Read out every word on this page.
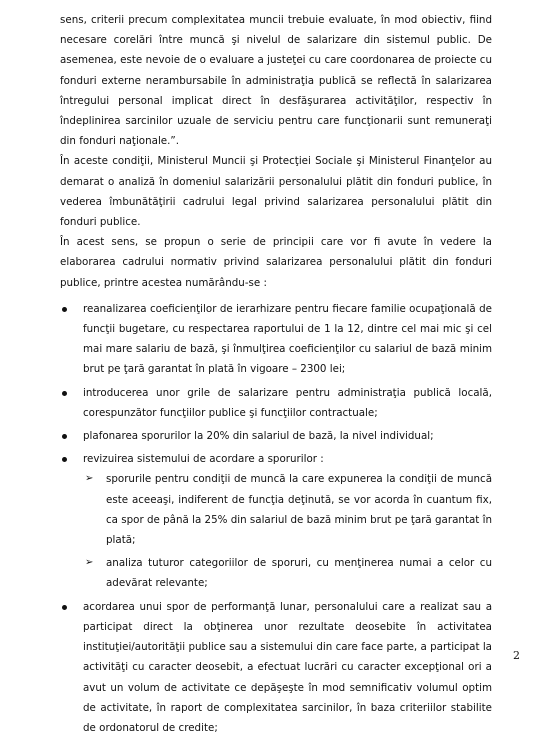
sens, criterii precum complexitatea muncii trebuie evaluate, în mod obiectiv, fiind necesare corelări între muncă şi nivelul de salarizare din sistemul public. De asemenea, este nevoie de o evaluare a justeţei cu care coordonarea de proiecte cu fonduri externe nerambursabile în administraţia publică se reflectă în salarizarea întregului personal implicat direct în desfăşurarea activităţilor, respectiv în îndeplinirea sarcinilor uzuale de serviciu pentru care funcţionarii sunt remuneraţi din fonduri naţionale.”.

În aceste condiţii, Ministerul Muncii şi Protecţiei Sociale şi Ministerul Finanţelor au demarat o analiză în domeniul salarizării personalului plătit din fonduri publice, în vederea îmbunătăţirii cadrului legal privind salarizarea personalului plătit din fonduri publice.

În acest sens, se propun o serie de principii care vor fi avute în vedere la elaborarea cadrului normativ privind salarizarea personalului plătit din fonduri publice, printre acestea numărându-se :

reanalizarea coeficienţilor de ierarhizare pentru fiecare familie ocupaţională de funcţii bugetare, cu respectarea raportului de 1 la 12, dintre cel mai mic şi cel mai mare salariu de bază, şi înmulţirea coeficienţilor cu salariul de bază minim brut pe ţară garantat în plată în vigoare – 2300 lei;
introducerea unor grile de salarizare pentru administraţia publică locală, corespunzător funcţiilor publice şi funcţiilor contractuale;
plafonarea sporurilor la 20% din salariul de bază, la nivel individual;
revizuirea sistemului de acordare a sporurilor :
➢ sporurile pentru condiţii de muncă la care expunerea la condiţii de muncă este aceeaşi, indiferent de funcţia deţinută, se vor acorda în cuantum fix, ca spor de până la 25% din salariul de bază minim brut pe ţară garantat în plată;
➢ analiza tuturor categoriilor de sporuri, cu menţinerea numai a celor cu adevărat relevante;
acordarea unui spor de performanţă lunar, personalului care a realizat sau a participat direct la obţinerea unor rezultate deosebite în activitatea instituţiei/autorităţii publice sau a sistemului din care face parte, a participat la activităţi cu caracter deosebit, a efectuat lucrări cu caracter excepţional ori a avut un volum de activitate ce depăşeşte în mod semnificativ volumul optim de activitate, în raport de complexitatea sarcinilor, în baza criteriilor stabilite de ordonatorul de credite;
2
